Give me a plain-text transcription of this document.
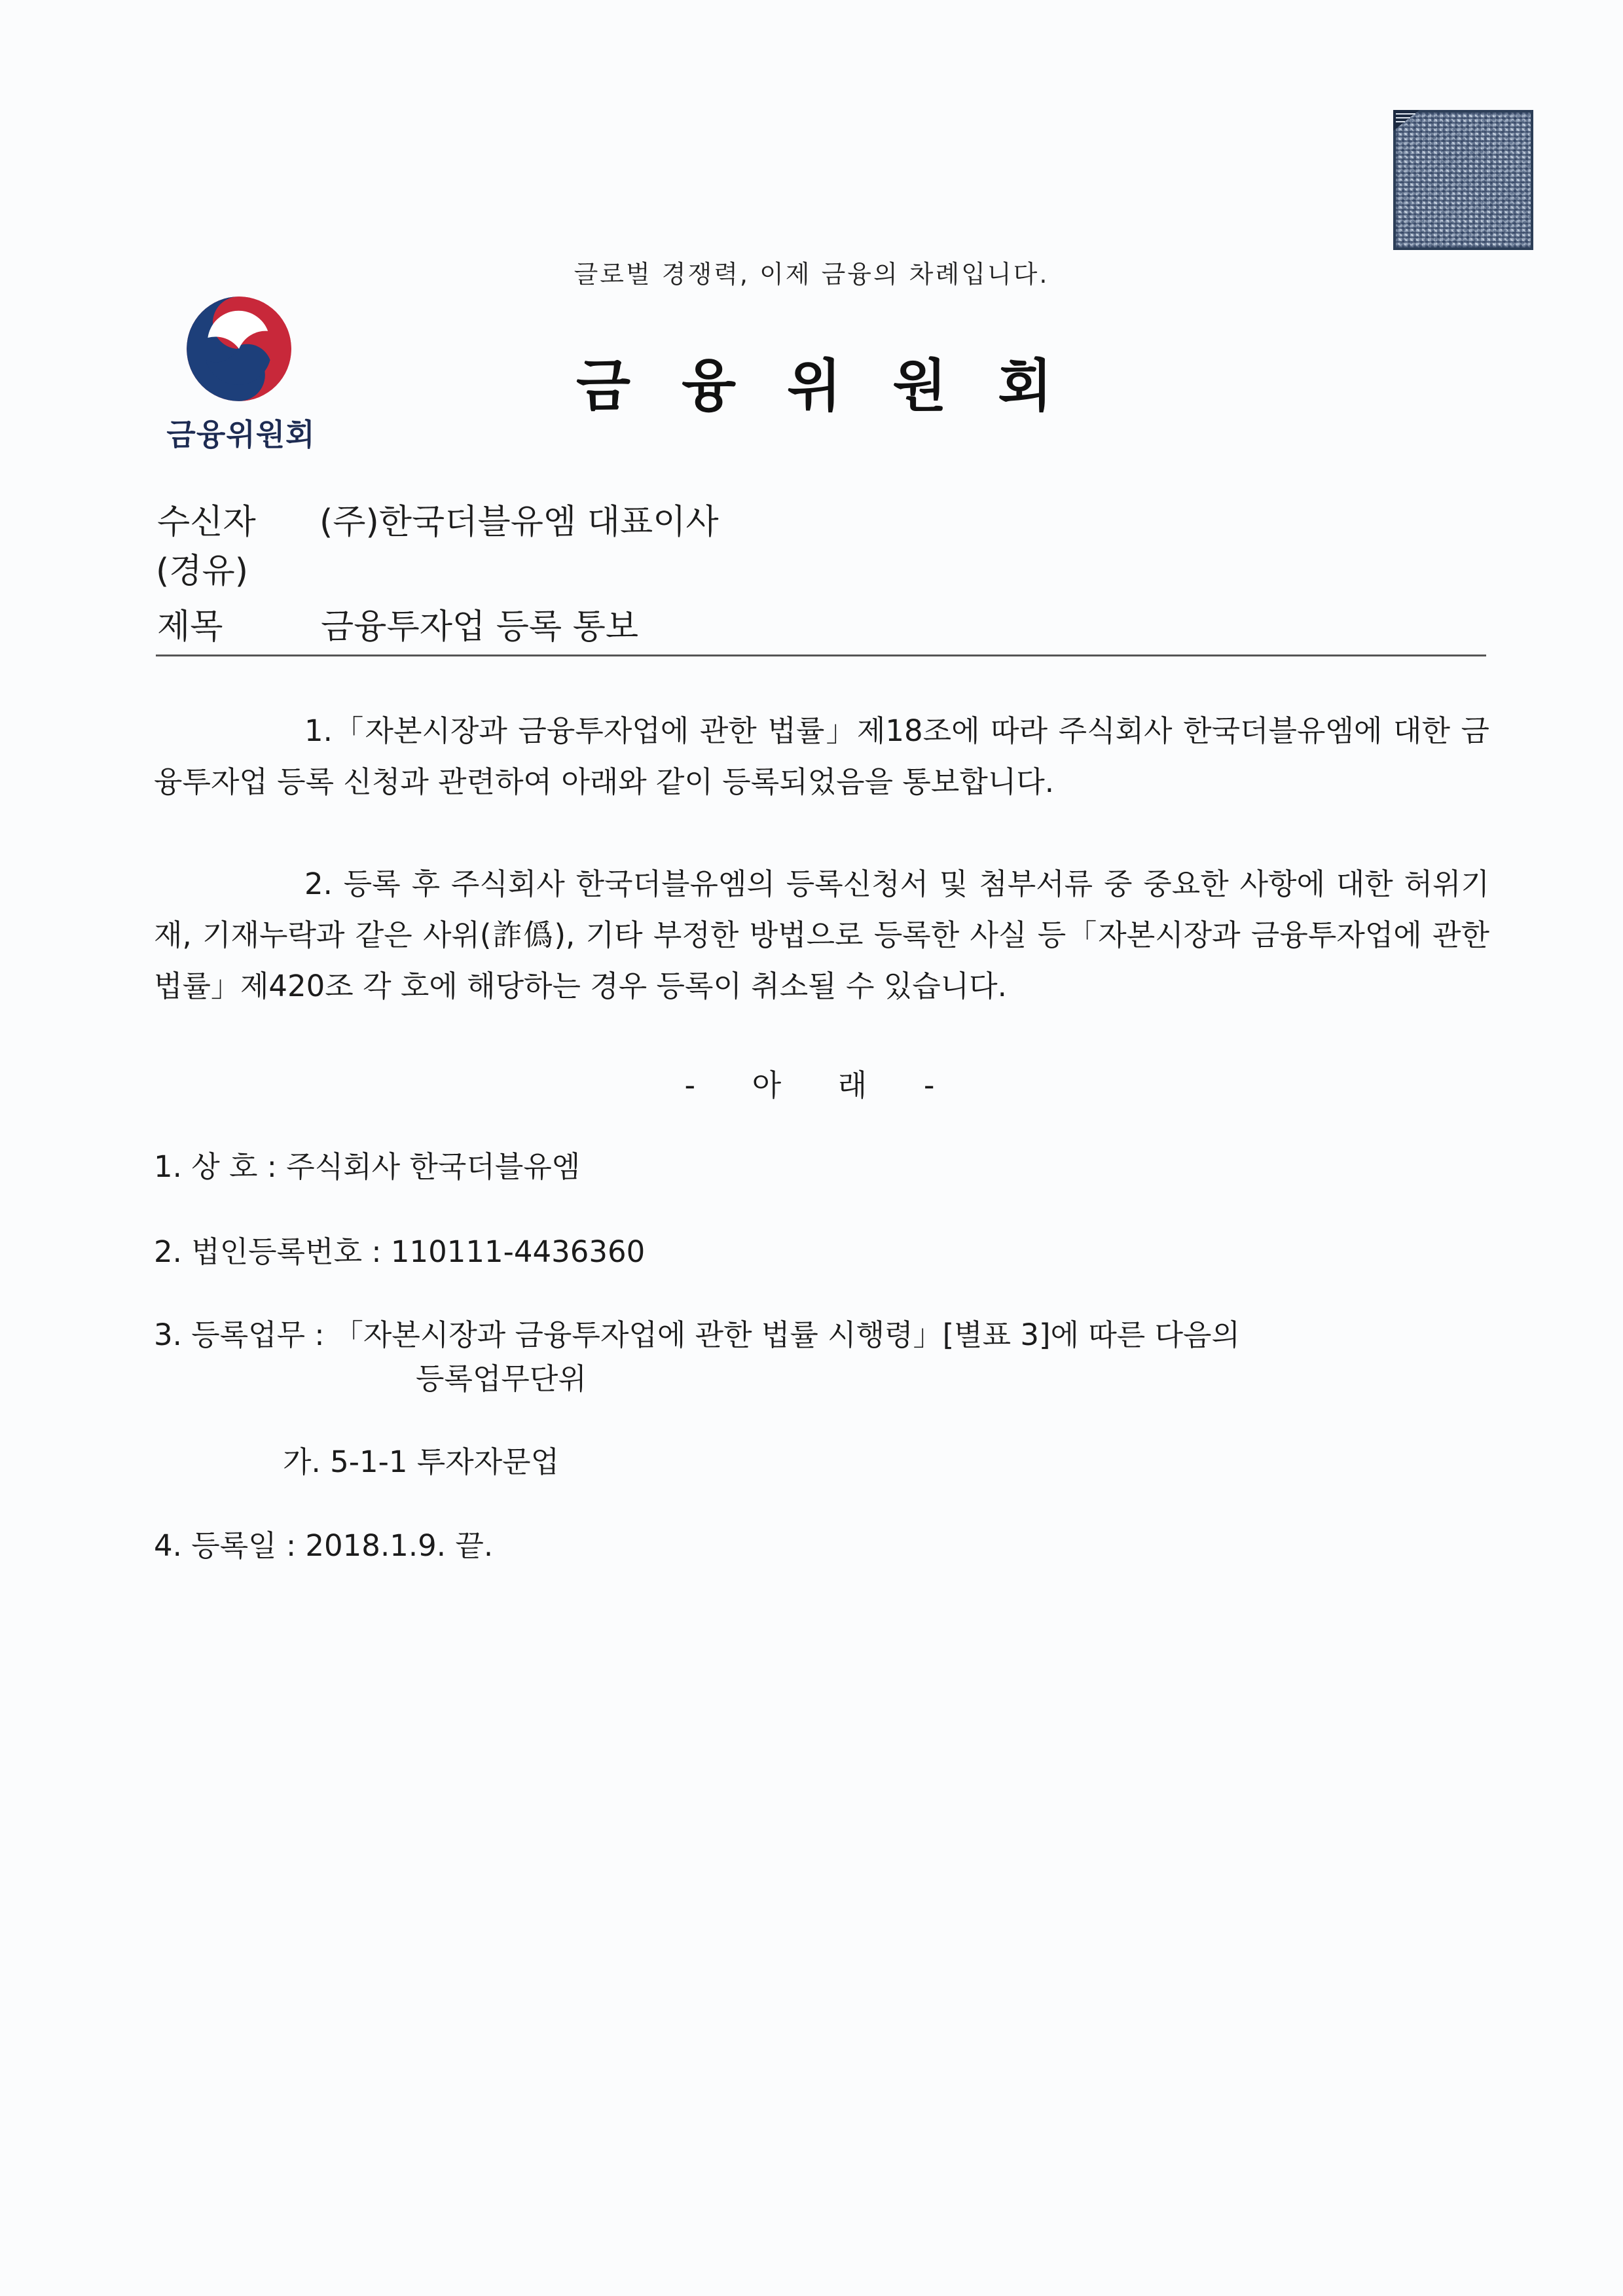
글로벌 경쟁력, 이제 금융의 차례입니다.
금융위원회
금융위원회
수신자 (주)한국더블유엠 대표이사
(경유)
제목	금융투자업 등록 통보
1.「자본시장과 금융투자업에 관한 법률」제18조에 따라 주식회사 한국더블유엠에 대한 금융투자업 등록 신청과 관련하여 아래와 같이 등록되었음을 통보합니다.
2. 등록 후 주식회사 한국더블유엠의 등록신청서 및 첨부서류 중 중요한 사항에 대한 허위기재, 기재누락과 같은 사위(詐僞), 기타 부정한 방법으로 등록한 사실 등「자본시장과 금융투자업에 관한 법률」제420조 각 호에 해당하는 경우 등록이 취소될 수 있습니다.
- 아 래 -
1. 상 호 : 주식회사 한국더블유엠
2. 법인등록번호 : 110111-4436360
3. 등록업무 : 「자본시장과 금융투자업에 관한 법률 시행령」[별표 3]에 따른 다음의
등록업무단위
가. 5-1-1 투자자문업
4. 등록일 : 2018.1.9. 끝.
